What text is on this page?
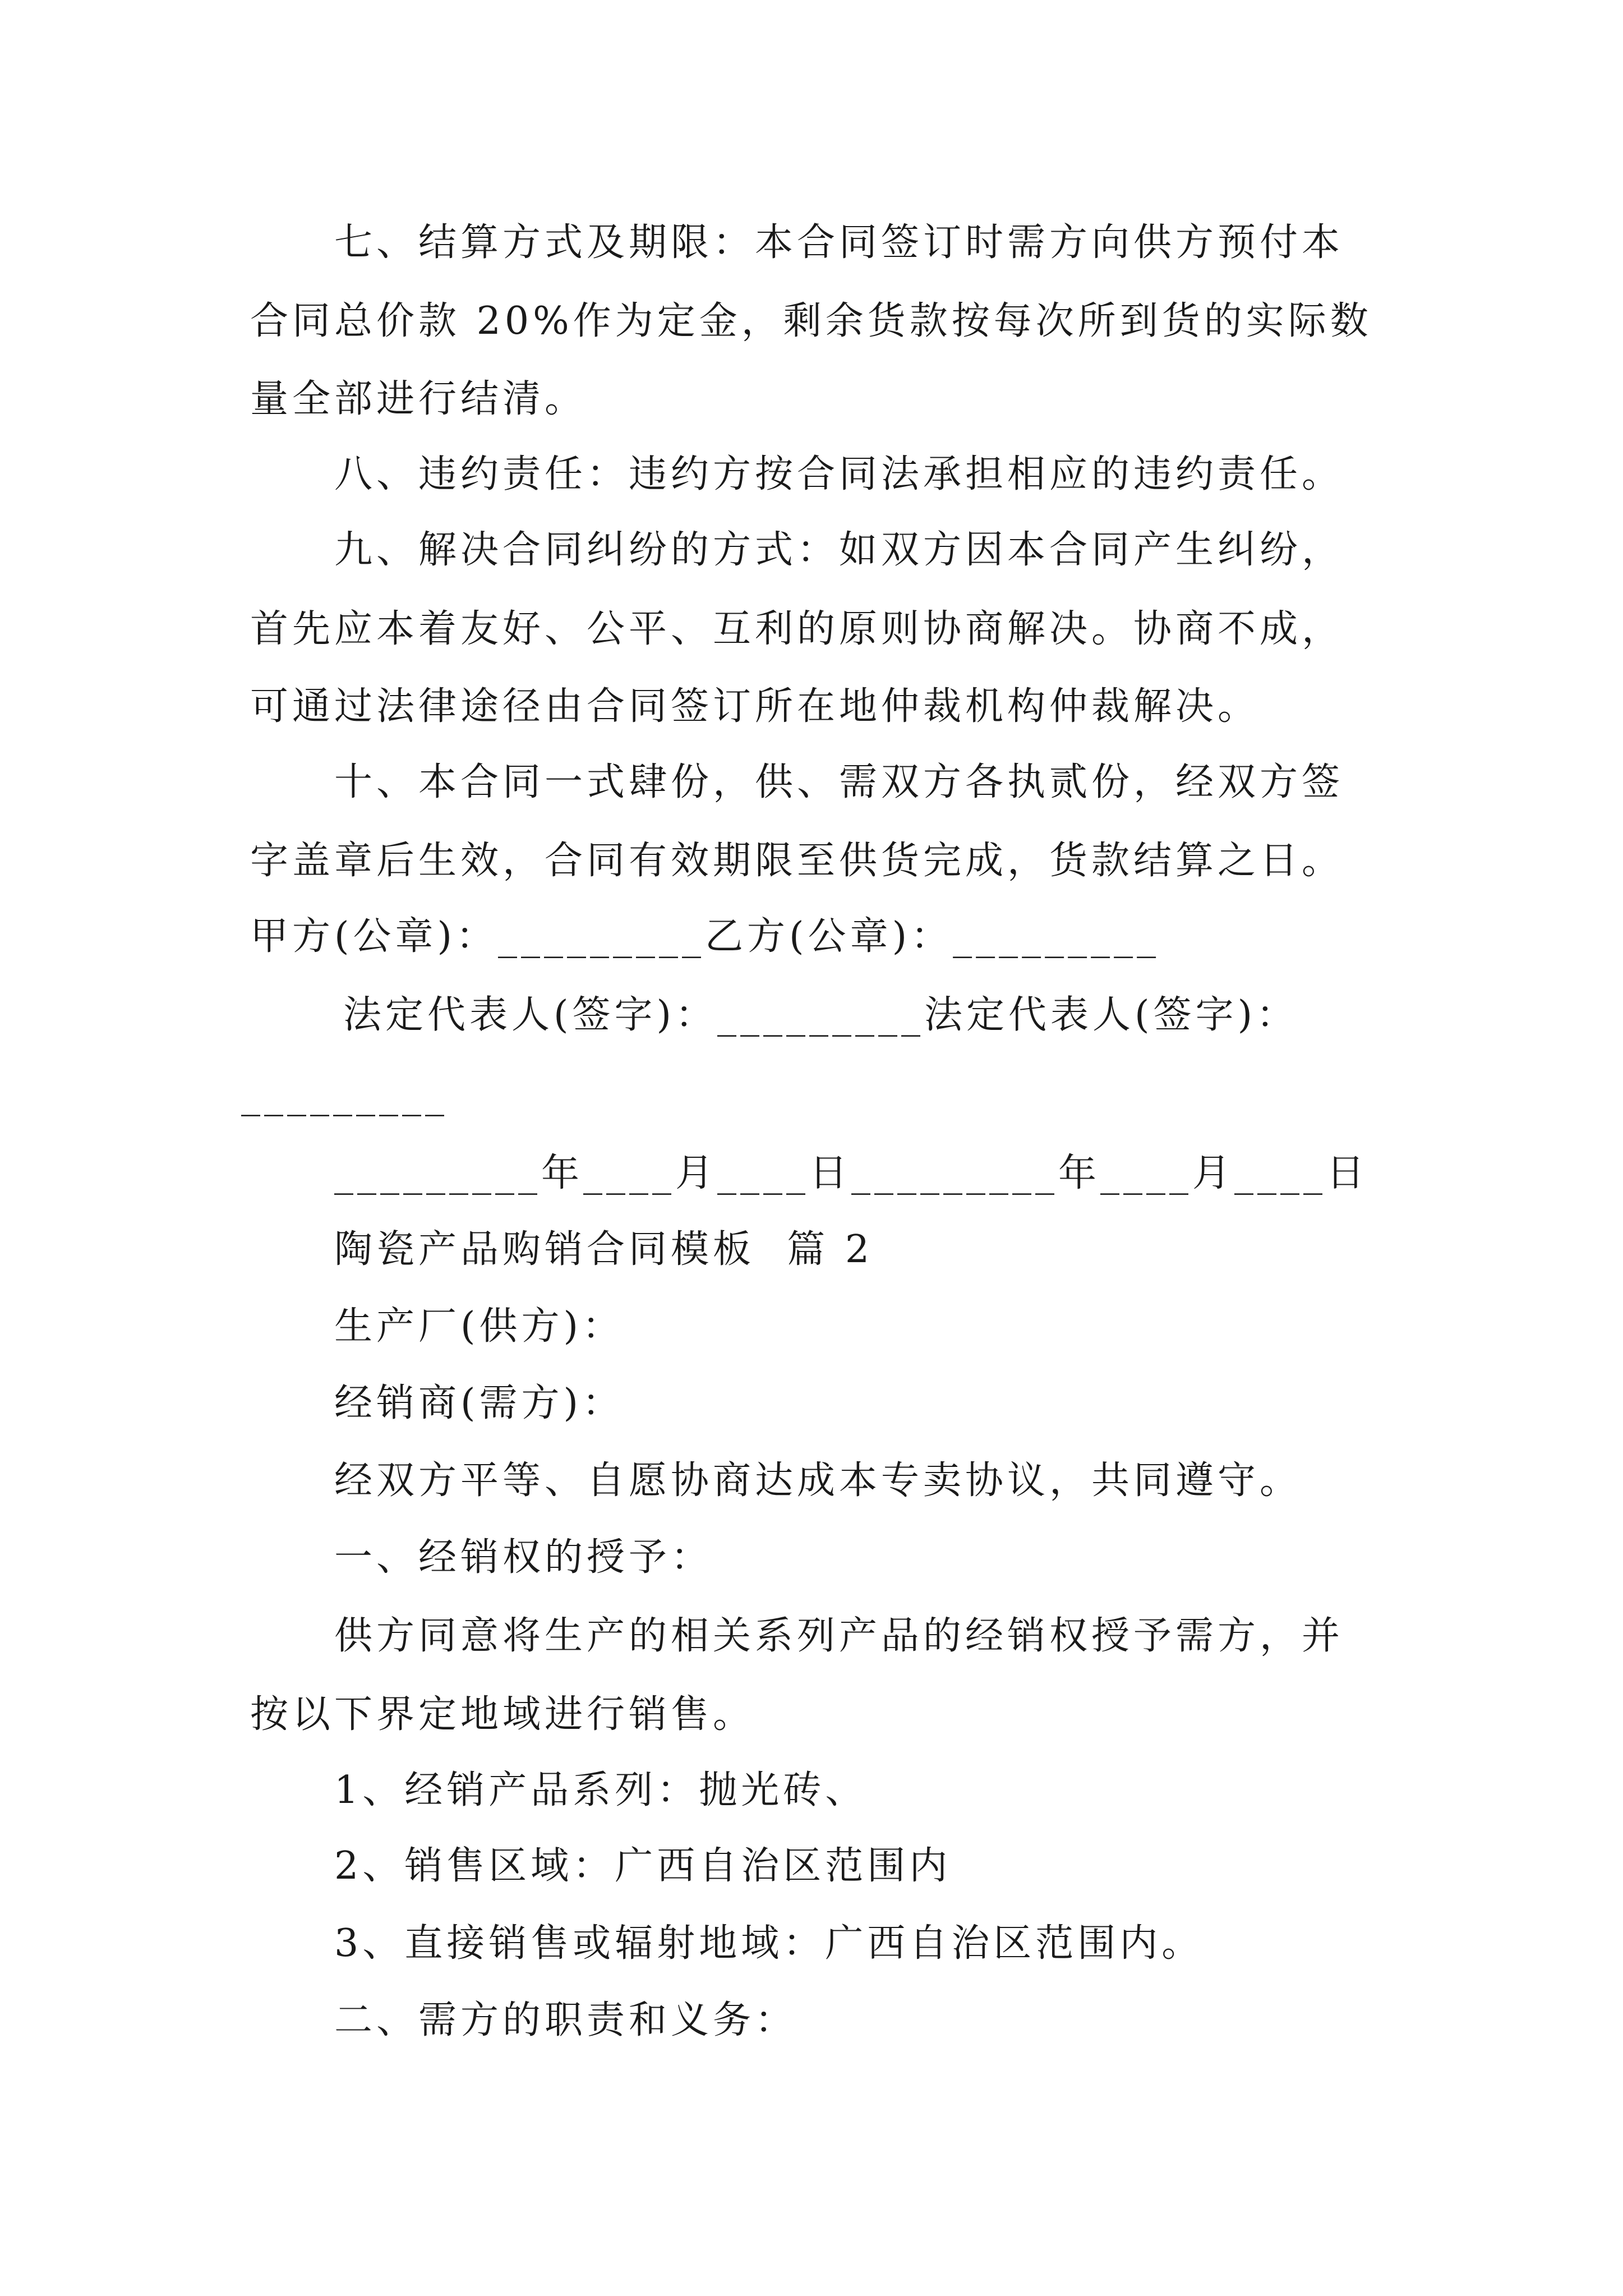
七、结算方式及期限：本合同签订时需方向供方预付本

合同总价款 20%作为定金，剩余货款按每次所到货的实际数

量全部进行结清。

八、违约责任：违约方按合同法承担相应的违约责任。

九、解决合同纠纷的方式：如双方因本合同产生纠纷，

首先应本着友好、公平、互利的原则协商解决。协商不成，

可通过法律途径由合同签订所在地仲裁机构仲裁解决。

十、本合同一式肆份，供、需双方各执贰份，经双方签

字盖章后生效，合同有效期限至供货完成，货款结算之日。

甲方(公章)：_________乙方(公章)：_________

法定代表人(签字)：_________法定代表人(签字)：

_________

_________年____月____日_________年____月____日

陶瓷产品购销合同模板  篇 2

生产厂(供方)：

经销商(需方)：

经双方平等、自愿协商达成本专卖协议，共同遵守。

一、经销权的授予：

供方同意将生产的相关系列产品的经销权授予需方，并

按以下界定地域进行销售。

1、经销产品系列：抛光砖、

2、销售区域：广西自治区范围内

3、直接销售或辐射地域：广西自治区范围内。

二、需方的职责和义务：
